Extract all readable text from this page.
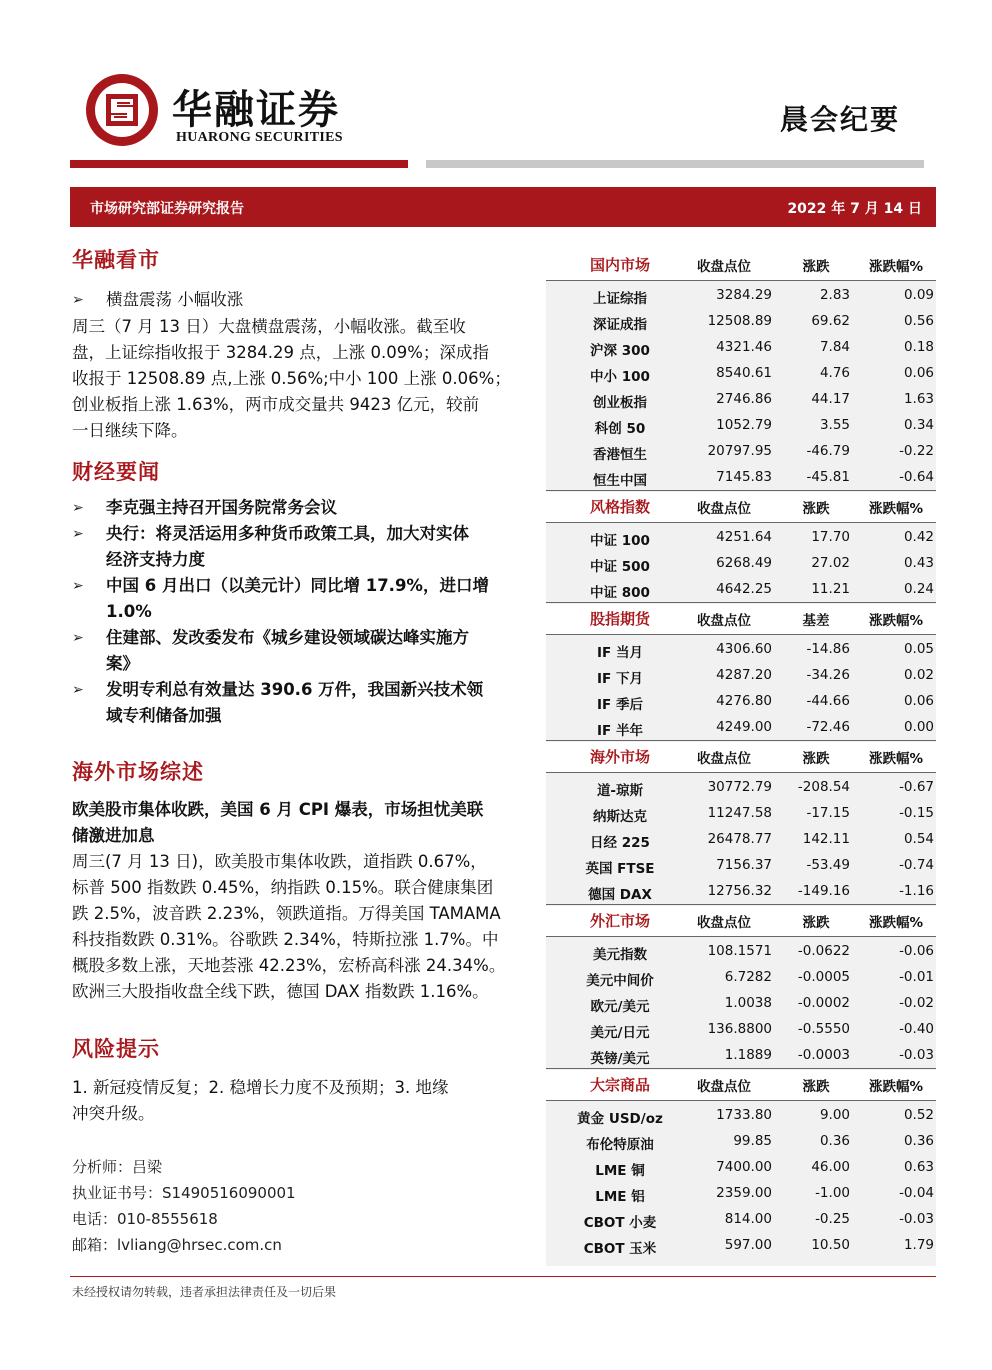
华融证券
HUARONG SECURITIES
晨会纪要
市场研究部证券研究报告	2022 年 7 月 14 日
华融看市
➢	横盘震荡 小幅收涨
周三（7 月 13 日）大盘横盘震荡，小幅收涨。截至收
盘，上证综指收报于 3284.29 点，上涨 0.09%；深成指
收报于 12508.89 点,上涨 0.56%;中小 100 上涨 0.06%；
创业板指上涨 1.63%，两市成交量共 9423 亿元，较前
一日继续下降。
财经要闻
➢	李克强主持召开国务院常务会议
➢ 央行：将灵活运用多种货币政策工具，加大对实体
经济支持力度
➢ 中国 6 月出口（以美元计）同比增 17.9%，进口增
1.0%
➢ 住建部、发改委发布《城乡建设领域碳达峰实施方
案》
➢ 发明专利总有效量达 390.6 万件，我国新兴技术领
域专利储备加强
海外市场综述
欧美股市集体收跌，美国 6 月 CPI 爆表，市场担忧美联
储激进加息
周三(7 月 13 日)，欧美股市集体收跌，道指跌 0.67%，
标普 500 指数跌 0.45%，纳指跌 0.15%。联合健康集团
跌 2.5%，波音跌 2.23%，领跌道指。万得美国 TAMAMA
科技指数跌 0.31%。谷歌跌 2.34%，特斯拉涨 1.7%。中
概股多数上涨，天地荟涨 42.23%，宏桥高科涨 24.34%。
欧洲三大股指收盘全线下跌，德国 DAX 指数跌 1.16%。
风险提示
1. 新冠疫情反复；2. 稳增长力度不及预期；3. 地缘
冲突升级。
分析师：吕梁
执业证书号：S1490516090001
电话：010-8555618
邮箱：lvliang@hrsec.com.cn
国内市场	收盘点位	涨跌	涨跌幅%
上证综指	3284.29	2.83	0.09
深证成指	12508.89	69.62	0.56
沪深 300	4321.46	7.84	0.18
中小 100	8540.61	4.76	0.06
创业板指	2746.86	44.17	1.63
科创 50	1052.79	3.55	0.34
香港恒生	20797.95	-46.79	-0.22
恒生中国	7145.83	-45.81	-0.64
风格指数	收盘点位	涨跌	涨跌幅%
中证 100	4251.64	17.70	0.42
中证 500	6268.49	27.02	0.43
中证 800	4642.25	11.21	0.24
股指期货	收盘点位	基差	涨跌幅%
IF 当月	4306.60	-14.86	0.05
IF 下月	4287.20	-34.26	0.02
IF 季后	4276.80	-44.66	0.06
IF 半年	4249.00	-72.46	0.00
海外市场	收盘点位	涨跌	涨跌幅%
道-琼斯	30772.79	-208.54	-0.67
纳斯达克	11247.58	-17.15	-0.15
日经 225	26478.77	142.11	0.54
英国 FTSE	7156.37	-53.49	-0.74
德国 DAX	12756.32	-149.16	-1.16
外汇市场	收盘点位	涨跌	涨跌幅%
美元指数	108.1571	-0.0622	-0.06
美元中间价	6.7282	-0.0005	-0.01
欧元/美元	1.0038	-0.0002	-0.02
美元/日元	136.8800	-0.5550	-0.40
英镑/美元	1.1889	-0.0003	-0.03
大宗商品	收盘点位	涨跌	涨跌幅%
黄金 USD/oz	1733.80	9.00	0.52
布伦特原油	99.85	0.36	0.36
LME 铜	7400.00	46.00	0.63
LME 铝	2359.00	-1.00	-0.04
CBOT 小麦	814.00	-0.25	-0.03
CBOT 玉米	597.00	10.50	1.79
未经授权请勿转载，违者承担法律责任及一切后果
